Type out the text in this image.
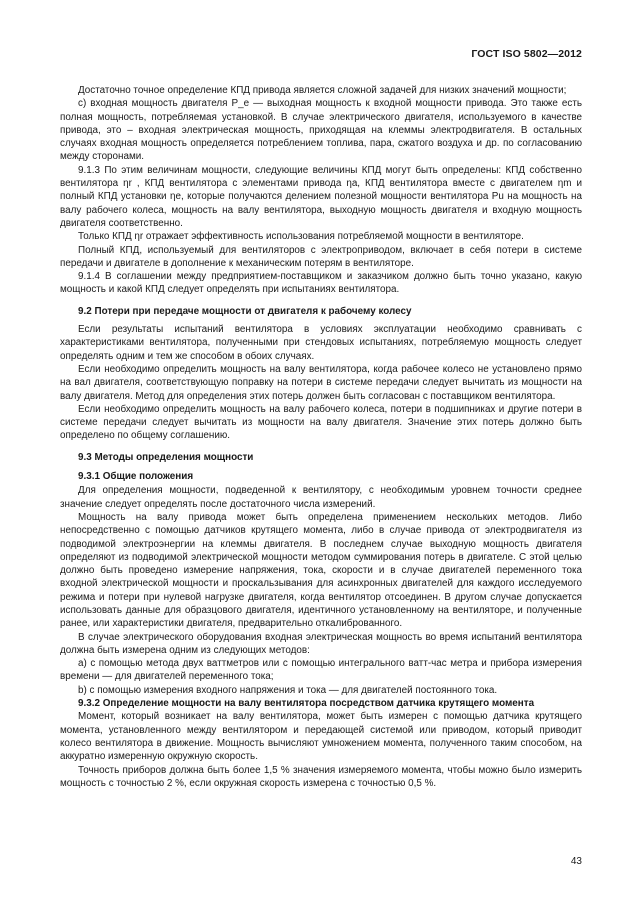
ГОСТ ISO 5802—2012

Достаточно точное определение КПД привода является сложной задачей для низких значений мощности;

c) входная мощность двигателя P_e — выходная мощность к входной мощности привода. Это также есть полная мощность, потребляемая установкой. В случае электрического двигателя, используемого в качестве привода, это – входная электрическая мощность, приходящая на клеммы электродвигателя. В остальных случаях входная мощность определяется потреблением топлива, пара, сжатого воздуха и др. по согласованию между сторонами.

9.1.3 По этим величинам мощности, следующие величины КПД могут быть определены: КПД собственно вентилятора ηr , КПД вентилятора с элементами привода ηa, КПД вентилятора вместе с двигателем ηm и полный КПД установки ηe, которые получаются делением полезной мощности вентилятора Pu на мощность на валу рабочего колеса, мощность на валу вентилятора, выходную мощность двигателя и входную мощность двигателя соответственно.

Только КПД ηr отражает эффективность использования потребляемой мощности в вентиляторе.

Полный КПД, используемый для вентиляторов с электроприводом, включает в себя потери в системе передачи и двигателе в дополнение к механическим потерям в вентиляторе.

9.1.4 В соглашении между предприятием-поставщиком и заказчиком должно быть точно указано, какую мощность и какой КПД следует определять при испытаниях вентилятора.

9.2 Потери при передаче мощности от двигателя к рабочему колесу

Если результаты испытаний вентилятора в условиях эксплуатации необходимо сравнивать с характеристиками вентилятора, полученными при стендовых испытаниях, потребляемую мощность следует определять одним и тем же способом в обоих случаях.

Если необходимо определить мощность на валу вентилятора, когда рабочее колесо не установлено прямо на вал двигателя, соответствующую поправку на потери в системе передачи следует вычитать из мощности на валу двигателя. Метод для определения этих потерь должен быть согласован с поставщиком вентилятора.

Если необходимо определить мощность на валу рабочего колеса, потери в подшипниках и другие потери в системе передачи следует вычитать из мощности на валу двигателя. Значение этих потерь должно быть определено по общему соглашению.

9.3 Методы определения мощности

9.3.1 Общие положения

Для определения мощности, подведенной к вентилятору, с необходимым уровнем точности среднее значение следует определять после достаточного числа измерений.

Мощность на валу привода может быть определена применением нескольких методов. Либо непосредственно с помощью датчиков крутящего момента, либо в случае привода от электродвигателя из подводимой электроэнергии на клеммы двигателя. В последнем случае выходную мощность двигателя определяют из подводимой электрической мощности методом суммирования потерь в двигателе. С этой целью должно быть проведено измерение напряжения, тока, скорости и в случае двигателей переменного тока входной электрической мощности и проскальзывания для асинхронных двигателей для каждого исследуемого режима и потери при нулевой нагрузке двигателя, когда вентилятор отсоединен. В другом случае допускается использовать данные для образцового двигателя, идентичного установленному на вентиляторе, и полученные ранее, или характеристики двигателя, предварительно откалиброванного.

В случае электрического оборудования входная электрическая мощность во время испытаний вентилятора должна быть измерена одним из следующих методов:

a) с помощью метода двух ваттметров или с помощью интегрального ватт-час метра и прибора измерения времени — для двигателей переменного тока;

b) с помощью измерения входного напряжения и тока — для двигателей постоянного тока.

9.3.2 Определение мощности на валу вентилятора посредством датчика крутящего момента

Момент, который возникает на валу вентилятора, может быть измерен с помощью датчика крутящего момента, установленного между вентилятором и передающей системой или приводом, который приводит колесо вентилятора в движение. Мощность вычисляют умножением момента, полученного таким способом, на аккуратно измеренную окружную скорость.

Точность приборов должна быть более 1,5 % значения измеряемого момента, чтобы можно было измерить мощность с точностью 2 %, если окружная скорость измерена с точностью 0,5 %.

43
